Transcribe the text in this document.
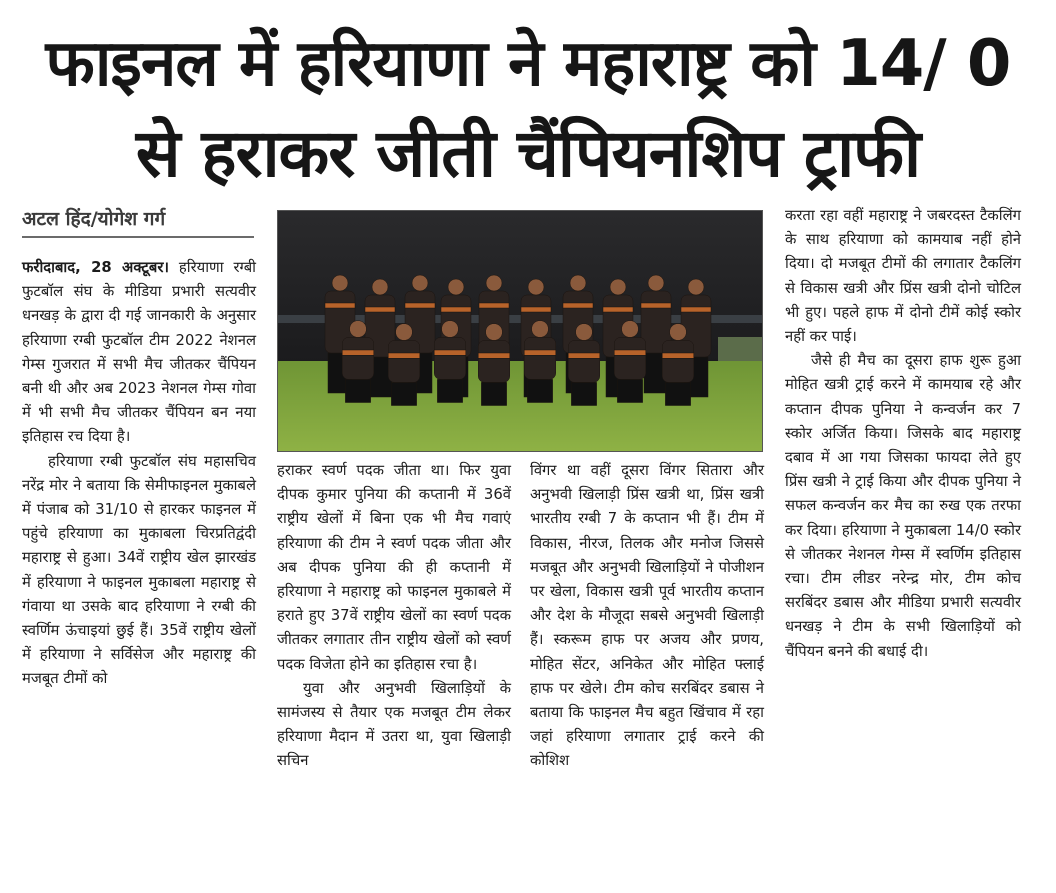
फाइनल में हरियाणा ने महाराष्ट्र को 14/ 0
से हराकर जीती चैंपियनशिप ट्राफी
अटल हिंद/योगेश गर्ग

फरीदाबाद, 28 अक्टूबर। हरियाणा रग्बी फुटबॉल संघ के मीडिया प्रभारी सत्यवीर धनखड़ के द्वारा दी गई जानकारी के अनुसार हरियाणा रग्बी फुटबॉल टीम 2022 नेशनल गेम्स गुजरात में सभी मैच जीतकर चैंपियन बनी थी और अब 2023 नेशनल गेम्स गोवा में भी सभी मैच जीतकर चैंपियन बन नया इतिहास रच दिया है।

हरियाणा रग्बी फुटबॉल संघ महासचिव नरेंद्र मोर ने बताया कि सेमीफाइनल मुकाबले में पंजाब को 31/10 से हारकर फाइनल में पहुंचे हरियाणा का मुकाबला चिरप्रतिद्वंदी महाराष्ट्र से हुआ। 34वें राष्ट्रीय खेल झारखंड में हरियाणा ने फाइनल मुकाबला महाराष्ट्र से गंवाया था उसके बाद हरियाणा ने रग्बी की स्वर्णिम ऊंचाइयां छुई हैं। 35वें राष्ट्रीय खेलों में हरियाणा ने सर्विसेज और महाराष्ट्र की मजबूत टीमों को

हराकर स्वर्ण पदक जीता था। फिर युवा दीपक कुमार पुनिया की कप्तानी में 36वें राष्ट्रीय खेलों में बिना एक भी मैच गवाएं हरियाणा की टीम ने स्वर्ण पदक जीता और अब दीपक पुनिया की ही कप्तानी में हरियाणा ने महाराष्ट्र को फाइनल मुकाबले में हराते हुए 37वें राष्ट्रीय खेलों का स्वर्ण पदक जीतकर लगातार तीन राष्ट्रीय खेलों को स्वर्ण पदक विजेता होने का इतिहास रचा है।

युवा और अनुभवी खिलाड़ियों के सामंजस्य से तैयार एक मजबूत टीम लेकर हरियाणा मैदान में उतरा था, युवा खिलाड़ी सचिन

विंगर था वहीं दूसरा विंगर सितारा और अनुभवी खिलाड़ी प्रिंस खत्री था, प्रिंस खत्री भारतीय रग्बी 7 के कप्तान भी हैं। टीम में विकास, नीरज, तिलक और मनोज जिससे मजबूत और अनुभवी खिलाड़ियों ने पोजीशन पर खेला, विकास खत्री पूर्व भारतीय कप्तान और देश के मौजूदा सबसे अनुभवी खिलाड़ी हैं। स्करूम हाफ पर अजय और प्रणय, मोहित सेंटर, अनिकेत और मोहित फ्लाई हाफ पर खेले। टीम कोच सरबिंदर डबास ने बताया कि फाइनल मैच बहुत खिंचाव में रहा जहां हरियाणा लगातार ट्राई करने की कोशिश

करता रहा वहीं महाराष्ट्र ने जबरदस्त टैकलिंग के साथ हरियाणा को कामयाब नहीं होने दिया। दो मजबूत टीमों की लगातार टैकलिंग से विकास खत्री और प्रिंस खत्री दोनो चोटिल भी हुए। पहले हाफ में दोनो टीमें कोई स्कोर नहीं कर पाई।

जैसे ही मैच का दूसरा हाफ शुरू हुआ मोहित खत्री ट्राई करने में कामयाब रहे और कप्तान दीपक पुनिया ने कन्वर्जन कर 7 स्कोर अर्जित किया। जिसके बाद महाराष्ट्र दबाव में आ गया जिसका फायदा लेते हुए प्रिंस खत्री ने ट्राई किया और दीपक पुनिया ने सफल कन्वर्जन कर मैच का रुख एक तरफा कर दिया। हरियाणा ने मुकाबला 14/0 स्कोर से जीतकर नेशनल गेम्स में स्वर्णिम इतिहास रचा। टीम लीडर नरेन्द्र मोर, टीम कोच सरबिंदर डबास और मीडिया प्रभारी सत्यवीर धनखड़ ने टीम के सभी खिलाड़ियों को चैंपियन बनने की बधाई दी।
